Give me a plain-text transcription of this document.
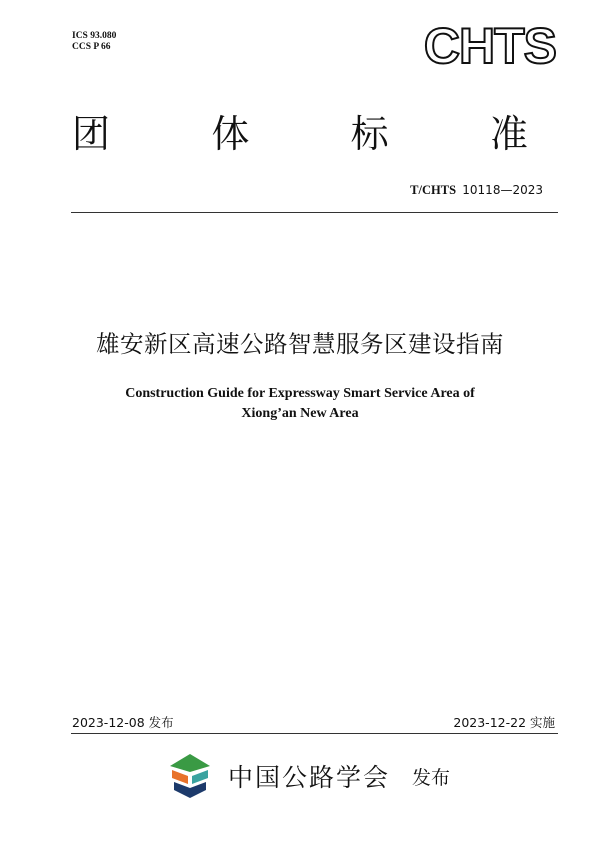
ICS 93.080
CCS P 66	CHTS
团	体	标	准
T/CHTS 10118—2023
雄安新区高速公路智慧服务区建设指南
Construction Guide for Expressway Smart Service Area of
Xiong’an New Area
2023-12-08 发布	2023-12-22 实施
中国公路学会 发布
